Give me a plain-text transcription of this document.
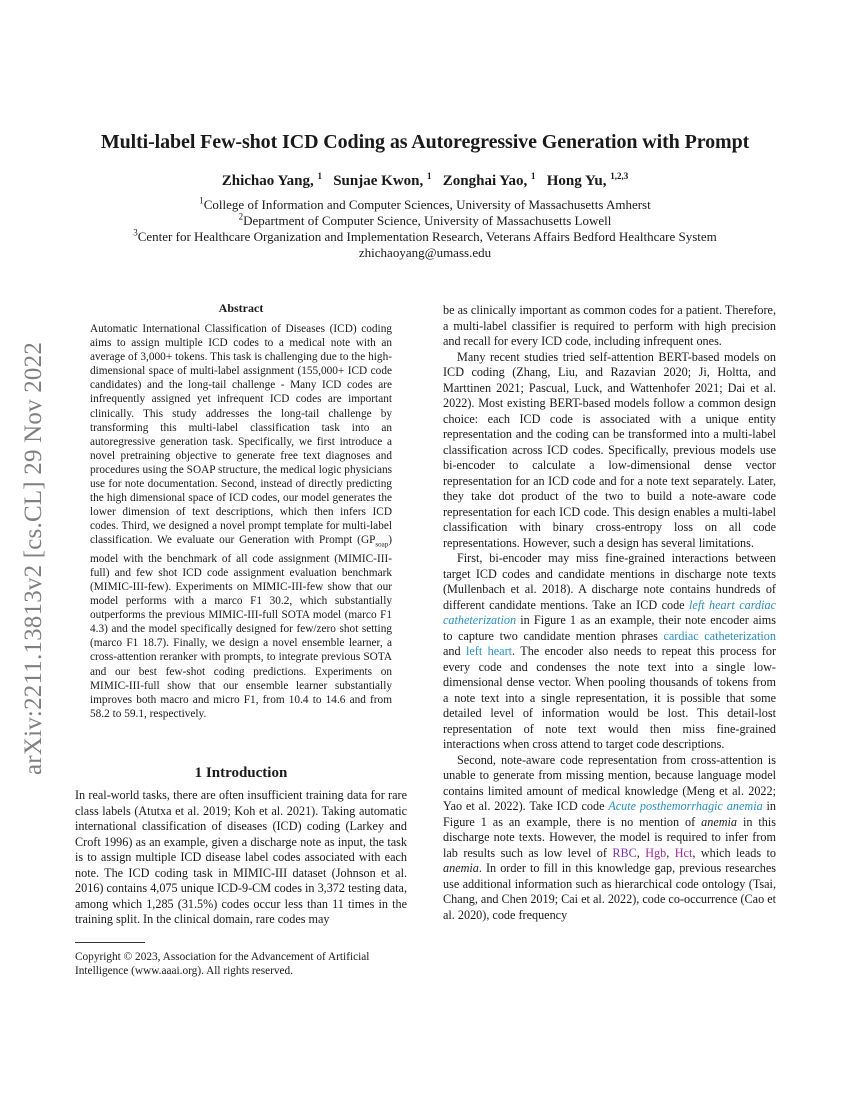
arXiv:2211.13813v2 [cs.CL] 29 Nov 2022
Multi-label Few-shot ICD Coding as Autoregressive Generation with Prompt
Zhichao Yang, $^1$ Sunjae Kwon, $^1$ Zonghai Yao, $^1$ Hong Yu, $^{1,2,3}$
$^1$College of Information and Computer Sciences, University of Massachusetts Amherst
$^2$Department of Computer Science, University of Massachusetts Lowell
$^3$Center for Healthcare Organization and Implementation Research, Veterans Affairs Bedford Healthcare System
zhichaoyang@umass.edu
Abstract
Automatic International Classification of Diseases (ICD) coding aims to assign multiple ICD codes to a medical note with an average of 3,000+ tokens. This task is challenging due to the high-dimensional space of multi-label assignment (155,000+ ICD code candidates) and the long-tail challenge - Many ICD codes are infrequently assigned yet infrequent ICD codes are important clinically. This study addresses the long-tail challenge by transforming this multi-label classification task into an autoregressive generation task. Specifically, we first introduce a novel pretraining objective to generate free text diagnoses and procedures using the SOAP structure, the medical logic physicians use for note documentation. Second, instead of directly predicting the high dimensional space of ICD codes, our model generates the lower dimension of text descriptions, which then infers ICD codes. Third, we designed a novel prompt template for multi-label classification. We evaluate our Generation with Prompt $(GP_{soap})$ model with the benchmark of all code assignment (MIMIC-III-full) and few shot ICD code assignment evaluation benchmark (MIMIC-III-few). Experiments on MIMIC-III-few show that our model performs with a marco F1 30.2, which substantially outperforms the previous MIMIC-III-full SOTA model (marco F1 4.3) and the model specifically designed for few/zero shot setting (marco F1 18.7). Finally, we design a novel ensemble learner, a cross-attention reranker with prompts, to integrate previous SOTA and our best few-shot coding predictions. Experiments on MIMIC-III-full show that our ensemble learner substantially improves both macro and micro F1, from 10.4 to 14.6 and from 58.2 to 59.1, respectively.
1 Introduction

In real-world tasks, there are often insufficient training data for rare class labels (Atutxa et al. 2019; Koh et al. 2021). Taking automatic international classification of diseases (ICD) coding (Larkey and Croft 1996) as an example, given a discharge note as input, the task is to assign multiple ICD disease label codes associated with each note. The ICD coding task in MIMIC-III dataset (Johnson et al. 2016) contains 4,075 unique ICD-9-CM codes in 3,372 testing data, among which 1,285 (31.5%) codes occur less than 11 times in the training split. In the clinical domain, rare codes may

Copyright © 2023, Association for the Advancement of Artificial Intelligence (www.aaai.org). All rights reserved.

be as clinically important as common codes for a patient. Therefore, a multi-label classifier is required to perform with high precision and recall for every ICD code, including infrequent ones.

Many recent studies tried self-attention BERT-based models on ICD coding (Zhang, Liu, and Razavian 2020; Ji, Holtta, and Marttinen 2021; Pascual, Luck, and Wattenhofer 2021; Dai et al. 2022). Most existing BERT-based models follow a common design choice: each ICD code is associated with a unique entity representation and the coding can be transformed into a multi-label classification across ICD codes. Specifically, previous models use bi-encoder to calculate a low-dimensional dense vector representation for an ICD code and for a note text separately. Later, they take dot product of the two to build a note-aware code representation for each ICD code. This design enables a multi-label classification with binary cross-entropy loss on all code representations. However, such a design has several limitations.

First, bi-encoder may miss fine-grained interactions between target ICD codes and candidate mentions in discharge note texts (Mullenbach et al. 2018). A discharge note contains hundreds of different candidate mentions. Take an ICD code left heart cardiac catheterization in Figure 1 as an example, their note encoder aims to capture two candidate mention phrases cardiac catheterization and left heart. The encoder also needs to repeat this process for every code and condenses the note text into a single low-dimensional dense vector. When pooling thousands of tokens from a note text into a single representation, it is possible that some detailed level of information would be lost. This detail-lost representation of note text would then miss fine-grained interactions when cross attend to target code descriptions.

Second, note-aware code representation from cross-attention is unable to generate from missing mention, because language model contains limited amount of medical knowledge (Meng et al. 2022; Yao et al. 2022). Take ICD code Acute posthemorrhagic anemia in Figure 1 as an example, there is no mention of anemia in this discharge note texts. However, the model is required to infer from lab results such as low level of RBC, Hgb, Hct, which leads to anemia. In order to fill in this knowledge gap, previous researches use additional information such as hierarchical code ontology (Tsai, Chang, and Chen 2019; Cai et al. 2022), code co-occurrence (Cao et al. 2020), code frequency
